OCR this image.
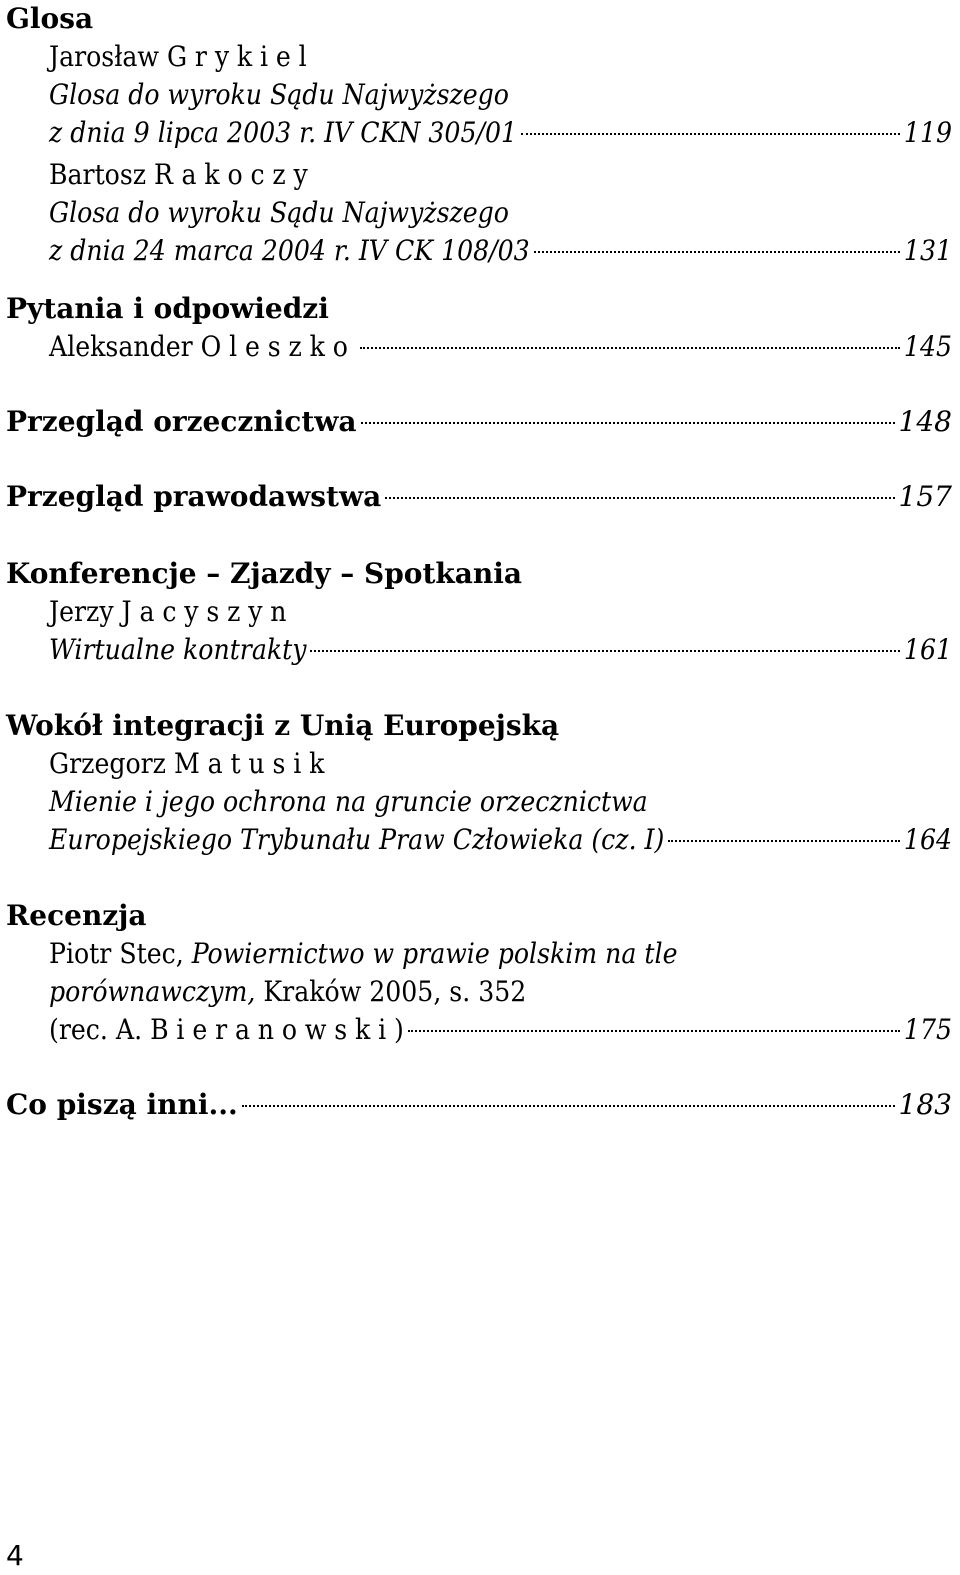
Glosa
Jarosław
Grykiel
Glosa do wyroku Sądu Najwyższego
z dnia 9 lipca 2003 r. IV CKN 305/01	119
Bartosz
Rakoczy
Glosa do wyroku Sądu Najwyższego
z dnia 24 marca 2004 r. IV CK 108/03	131
Pytania i odpowiedzi
Aleksander
Oleszko	145
Przegląd orzecznictwa	148
Przegląd prawodawstwa	157
Konferencje – Zjazdy – Spotkania
Jerzy
Jacyszyn
Wirtualne kontrakty	161
Wokół integracji z Unią Europejską
Grzegorz
Matusik
Mienie i jego ochrona na gruncie orzecznictwa
Europejskiego Trybunału Praw Człowieka (cz. I)	164
Recenzja
Piotr Stec, Powiernictwo w prawie polskim na tle
porównawczym, Kraków 2005, s. 352
(rec. A. Bieranowski )	175
Co piszą inni...	183
4
